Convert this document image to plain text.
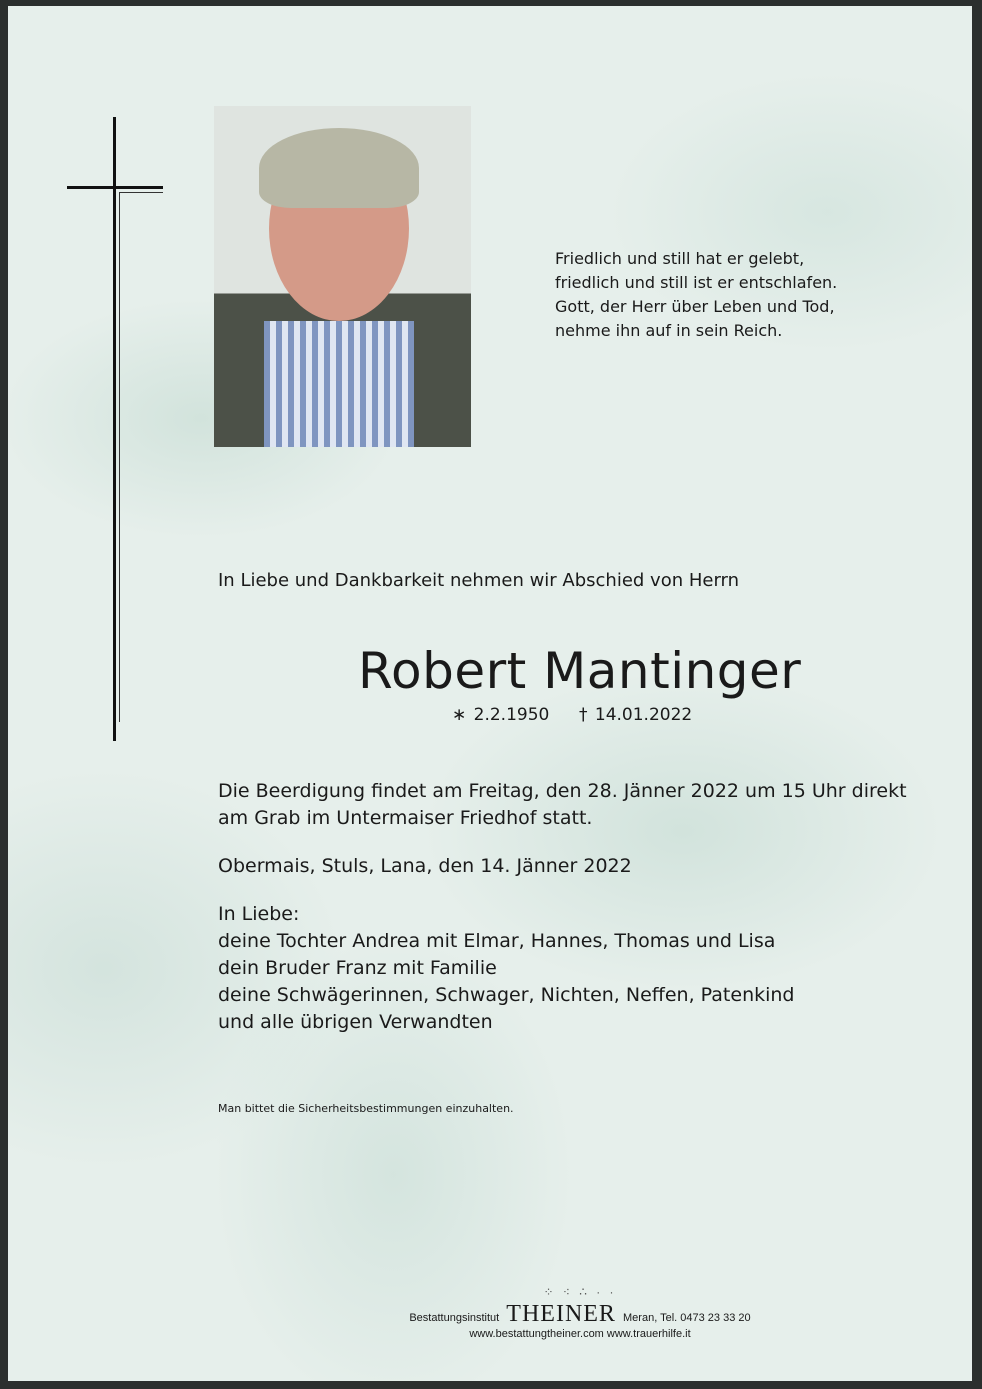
Friedlich und still hat er gelebt,
friedlich und still ist er entschlafen.
Gott, der Herr über Leben und Tod,
nehme ihn auf in sein Reich.
In Liebe und Dankbarkeit nehmen wir Abschied von Herrn
Robert Mantinger
∗ 2.2.1950 † 14.01.2022
Die Beerdigung findet am Freitag, den 28. Jänner 2022 um 15 Uhr direkt
am Grab im Untermaiser Friedhof statt.
Obermais, Stuls, Lana, den 14. Jänner 2022
In Liebe:
deine Tochter Andrea mit Elmar, Hannes, Thomas und Lisa
dein Bruder Franz mit Familie
deine Schwägerinnen, Schwager, Nichten, Neffen, Patenkind
und alle übrigen Verwandten
Man bittet die Sicherheitsbestimmungen einzuhalten.
⁘ ⁖ ∴ · ·
Bestattungsinstitut THEINER Meran, Tel. 0473 23 33 20
www.bestattungtheiner.com www.trauerhilfe.it
